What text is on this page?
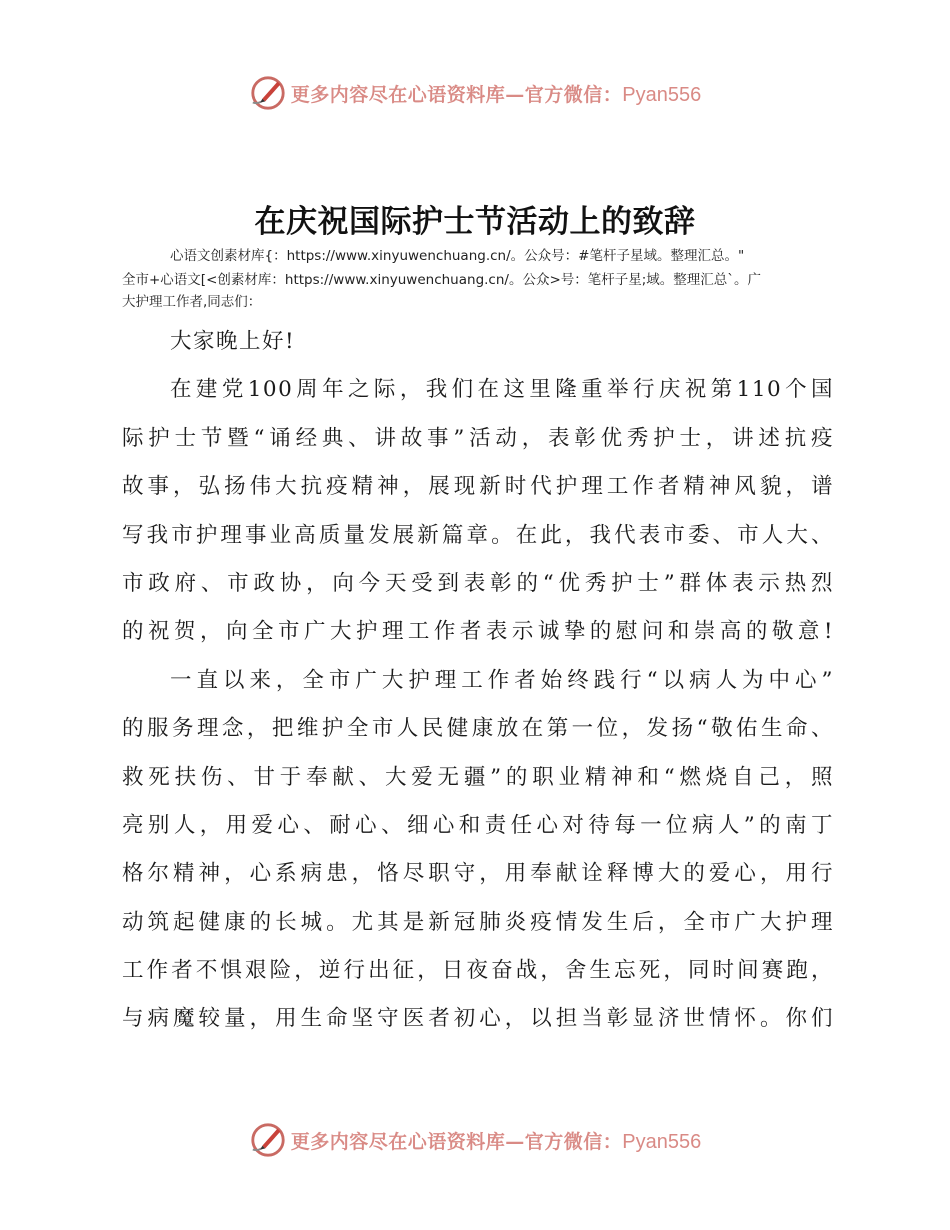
更多内容尽在心语资料库—官方微信： Pyan556
在庆祝国际护士节活动上的致辞
心语文创素材库{：https://www.xinyuwenchuang.cn/。公众号：#笔杆子星域。整理汇总。"
全市+心语文[<创素材库：https://www.xinyuwenchuang.cn/。公众>号：笔杆子星;域。整理汇总`。广
大护理工作者,同志们：
大家晚上好!
在建党100周年之际，我们在这里隆重举行庆祝第110个国
际护士节暨“诵经典、讲故事”活动，表彰优秀护士，讲述抗疫
故事，弘扬伟大抗疫精神，展现新时代护理工作者精神风貌，谱
写我市护理事业高质量发展新篇章。在此，我代表市委、市人大、
市政府、市政协，向今天受到表彰的“优秀护士”群体表示热烈
的祝贺，向全市广大护理工作者表示诚挚的慰问和崇高的敬意!
一直以来，全市广大护理工作者始终践行“以病人为中心”
的服务理念，把维护全市人民健康放在第一位，发扬“敬佑生命、
救死扶伤、甘于奉献、大爱无疆”的职业精神和“燃烧自己，照
亮别人，用爱心、耐心、细心和责任心对待每一位病人”的南丁
格尔精神，心系病患，恪尽职守，用奉献诠释博大的爱心，用行
动筑起健康的长城。尤其是新冠肺炎疫情发生后，全市广大护理
工作者不惧艰险，逆行出征，日夜奋战，舍生忘死，同时间赛跑，
与病魔较量，用生命坚守医者初心，以担当彰显济世情怀。你们
更多内容尽在心语资料库—官方微信： Pyan556
